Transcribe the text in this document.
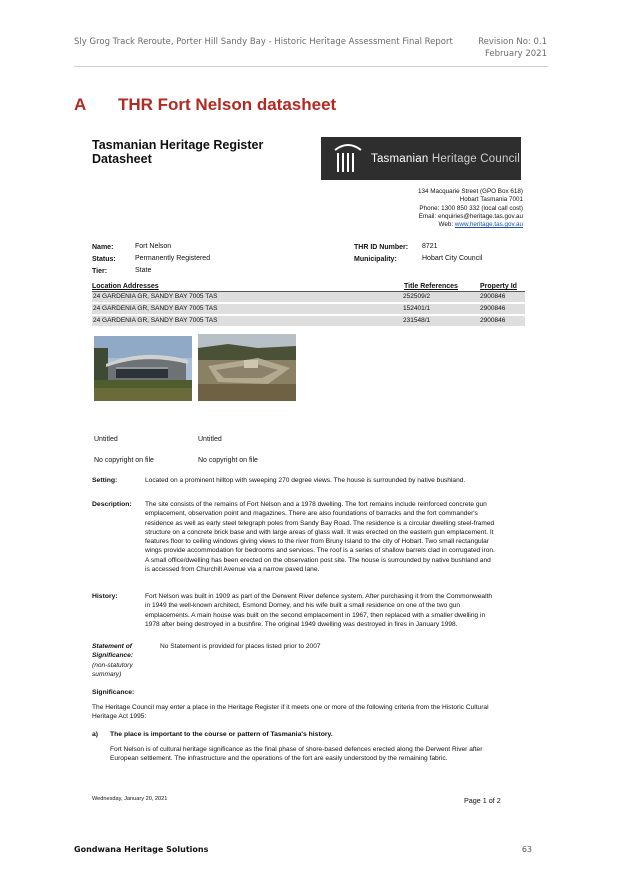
Sly Grog Track Reroute, Porter Hill Sandy Bay - Historic Heritage Assessment Final Report	Revision No: 0.1
February 2021
A THR Fort Nelson datasheet
Tasmanian Heritage Register
Datasheet	Tasmanian Heritage Council
134 Macquarie Street (GPO Box 618)
Hobart Tasmania 7001
Phone: 1300 850 332 (local call cost)
Email: enquiries@heritage.tas.gov.au
Web: www.heritage.tas.gov.au
Name:	Fort Nelson
Status:	Permanently Registered
Tier:	State
THR ID Number: 8721
Municipality:	Hobart City Council
Location Addresses	Title References	Property Id
24 GARDENIA GR, SANDY BAY 7005 TAS	252509/2	2900846
24 GARDENIA GR, SANDY BAY 7005 TAS	152401/1	2900846
24 GARDENIA GR, SANDY BAY 7005 TAS	231548/1	2900846
Untitled	Untitled
No copyright on file	No copyright on file
Setting:	Located on a prominent hilltop with sweeping 270 degree views. The house is surrounded by native bushland.
Description: The site consists of the remains of Fort Nelson and a 1978 dwelling. The fort remains include reinforced concrete gun emplacement, observation point and magazines. There are also foundations of barracks and the fort commander's residence as well as early steel telegraph poles from Sandy Bay Road. The residence is a circular dwelling steel-framed structure on a concrete brick base and with large areas of glass wall. It was erected on the eastern gun emplacement. It features floor to ceiling windows giving views to the river from Bruny Island to the city of Hobart. Two small rectangular wings provide accommodation for bedrooms and services. The roof is a series of shallow barrels clad in corrugated iron. A small office/dwelling has been erected on the observation post site. The house is surrounded by native bushland and is accessed from Churchill Avenue via a narrow paved lane.
History:	Fort Nelson was built in 1909 as part of the Derwent River defence system. After purchasing it from the Commonwealth in 1949 the well-known architect, Esmond Dorney, and his wife built a small residence on one of the two gun emplacements. A main house was built on the second emplacement in 1967, then replaced with a smaller dwelling in 1978 after being destroyed in a bushfire. The original 1949 dwelling was destroyed in fires in January 1998.
Statement of
Significance:
(non-statutory
summary)
No Statement is provided for places listed prior to 2007
Significance:
The Heritage Council may enter a place in the Heritage Register if it meets one or more of the following criteria from the Historic Cultural Heritage Act 1995:
a) The place is important to the course or pattern of Tasmania's history.
Fort Nelson is of cultural heritage significance as the final phase of shore-based defences erected along the Derwent River after European settlement. The infrastructure and the operations of the fort are easily understood by the remaining fabric.
Wednesday, January 20, 2021	Page 1 of 2
Gondwana Heritage Solutions	63
